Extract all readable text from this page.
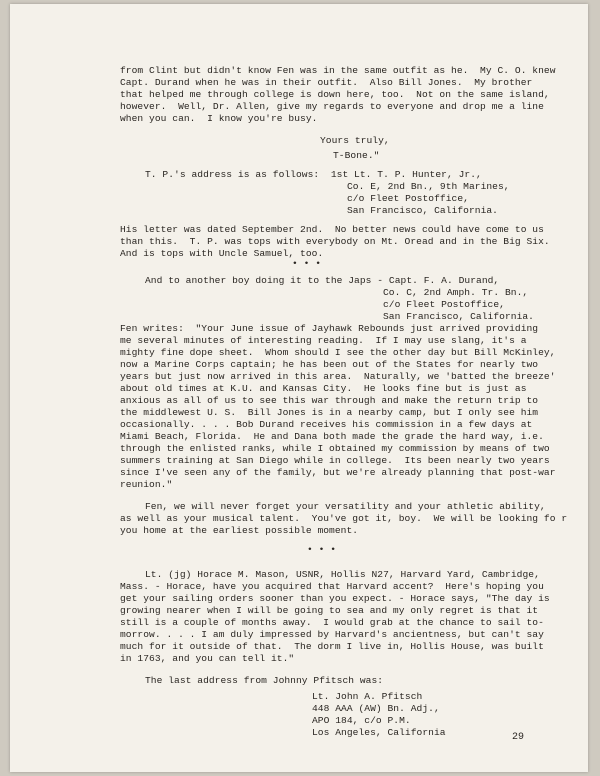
from Clint but didn't know Fen was in the same outfit as he.  My C. O. knew
Capt. Durand when he was in their outfit.  Also Bill Jones.  My brother
that helped me through college is down here, too.  Not on the same island,
however.  Well, Dr. Allen, give my regards to everyone and drop me a line
when you can.  I know you're busy.
Yours truly,
T-Bone."
T. P.'s address is as follows:  1st Lt. T. P. Hunter, Jr.,
Co. E, 2nd Bn., 9th Marines,
c/o Fleet Postoffice,
San Francisco, California.
His letter was dated September 2nd.  No better news could have come to us
than this.  T. P. was tops with everybody on Mt. Oread and in the Big Six.
And is tops with Uncle Samuel, too.
• • •
And to another boy doing it to the Japs - Capt. F. A. Durand,
Co. C, 2nd Amph. Tr. Bn.,
c/o Fleet Postoffice,
San Francisco, California.
Fen writes:  "Your June issue of Jayhawk Rebounds just arrived providing
me several minutes of interesting reading.  If I may use slang, it's a
mighty fine dope sheet.  Whom should I see the other day but Bill McKinley,
now a Marine Corps captain; he has been out of the States for nearly two
years but just now arrived in this area.  Naturally, we 'batted the breeze'
about old times at K.U. and Kansas City.  He looks fine but is just as
anxious as all of us to see this war through and make the return trip to
the middlewest U. S.  Bill Jones is in a nearby camp, but I only see him
occasionally. . . . Bob Durand receives his commission in a few days at
Miami Beach, Florida.  He and Dana both made the grade the hard way, i.e.
through the enlisted ranks, while I obtained my commission by means of two
summers training at San Diego while in college.  Its been nearly two years
since I've seen any of the family, but we're already planning that post-war
reunion."
Fen, we will never forget your versatility and your athletic ability,
as well as your musical talent.  You've got it, boy.  We will be looking fo r
you home at the earliest possible moment.
• • •
Lt. (jg) Horace M. Mason, USNR, Hollis N27, Harvard Yard, Cambridge,
Mass. - Horace, have you acquired that Harvard accent?  Here's hoping you
get your sailing orders sooner than you expect. - Horace says, "The day is
growing nearer when I will be going to sea and my only regret is that it
still is a couple of months away.  I would grab at the chance to sail to-
morrow. . . . I am duly impressed by Harvard's ancientness, but can't say
much for it outside of that.  The dorm I live in, Hollis House, was built
in 1763, and you can tell it."
The last address from Johnny Pfitsch was:
Lt. John A. Pfitsch
448 AAA (AW) Bn. Adj.,
APO 184, c/o P.M.
Los Angeles, California	29
